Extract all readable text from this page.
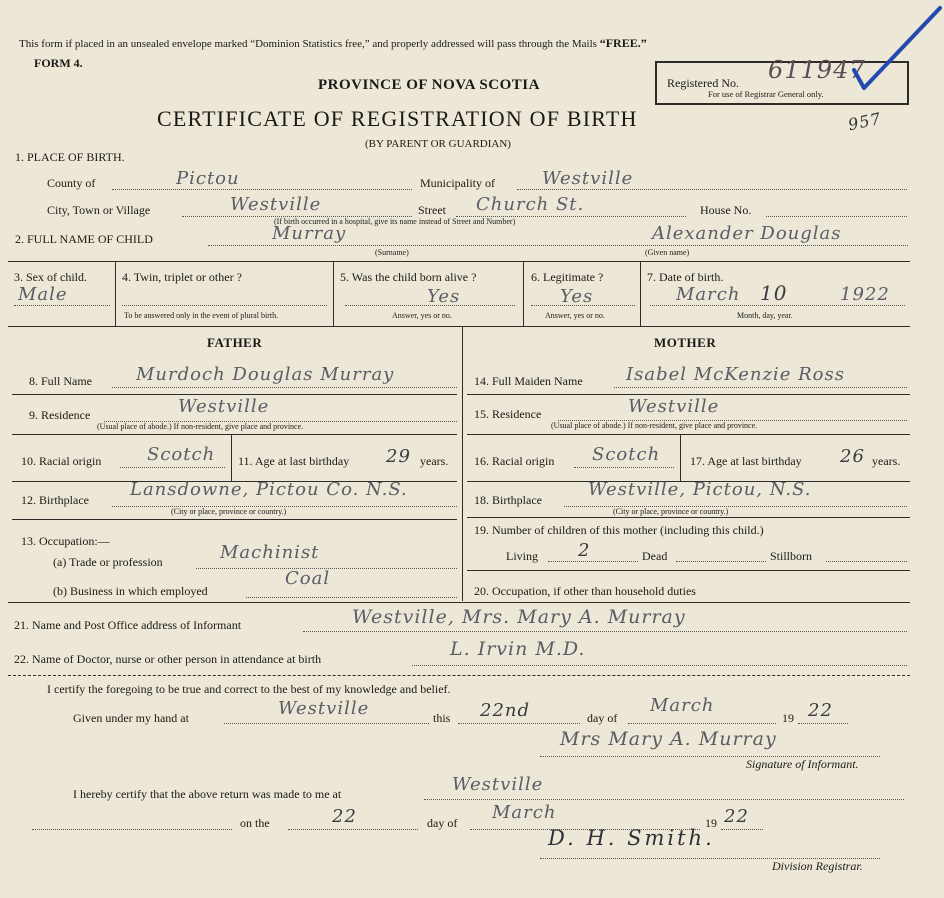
This form if placed in an unsealed envelope marked “Dominion Statistics free,” and properly addressed will pass through the Mails “FREE.”
FORM 4.
PROVINCE OF NOVA SCOTIA
CERTIFICATE OF REGISTRATION OF BIRTH
(BY PARENT OR GUARDIAN)
Registered No. 611947
For use of Registrar General only.
957
1. PLACE OF BIRTH.
County of	Pictou	Municipality of	Westville
City, Town or Village	Westville	Street Church St.	House No.
(If birth occurred in a hospital, give its name instead of Street and Number)
2. FULL NAME OF CHILD	Murray	Alexander Douglas
(Surname)	(Given name)
3. Sex of child.
Male
4. Twin, triplet or other ?
To be answered only in the event of plural birth.
5. Was the child born alive ?
Yes
Answer, yes or no.
6. Legitimate ?
Yes
Answer, yes or no.
7. Date of birth.
March 10	1922
Month, day, year.
FATHER	MOTHER
8. Full Name Murdoch Douglas Murray
9. Residence	Westville
(Usual place of abode.) If non-resident, give place and province.
10. Racial origin	Scotch 11. Age at last birthday 29 years.
12. Birthplace Lansdowne, Pictou Co. N.S.
(City or place, province or country.)
13. Occupation:—
(a) Trade or profession	Machinist
(b) Business in which employed
Coal
14. Full Maiden Name Isabel McKenzie Ross
15. Residence	Westville
(Usual place of abode.) If non-resident, give place and province.
16. Racial origin Scotch 17. Age at last birthday 26 years.
18. Birthplace	Westville, Pictou, N.S.
(City or place, province or country.)
19. Number of children of this mother (including this child.)
Living 2	Dead	Stillborn
20. Occupation, if other than household duties
21. Name and Post Office address of Informant	Westville, Mrs. Mary A. Murray
22. Name of Doctor, nurse or other person in attendance at birth	L. Irvin M.D.
I certify the foregoing to be true and correct to the best of my knowledge and belief.
Given under my hand at	Westville	this 22nd	day of
March
19 22
Mrs Mary A. Murray
Signature of Informant.
I hereby certify that the above return was made to me at	Westville
on the	22	day of March	19 22
D. H. Smith.
Division Registrar.
